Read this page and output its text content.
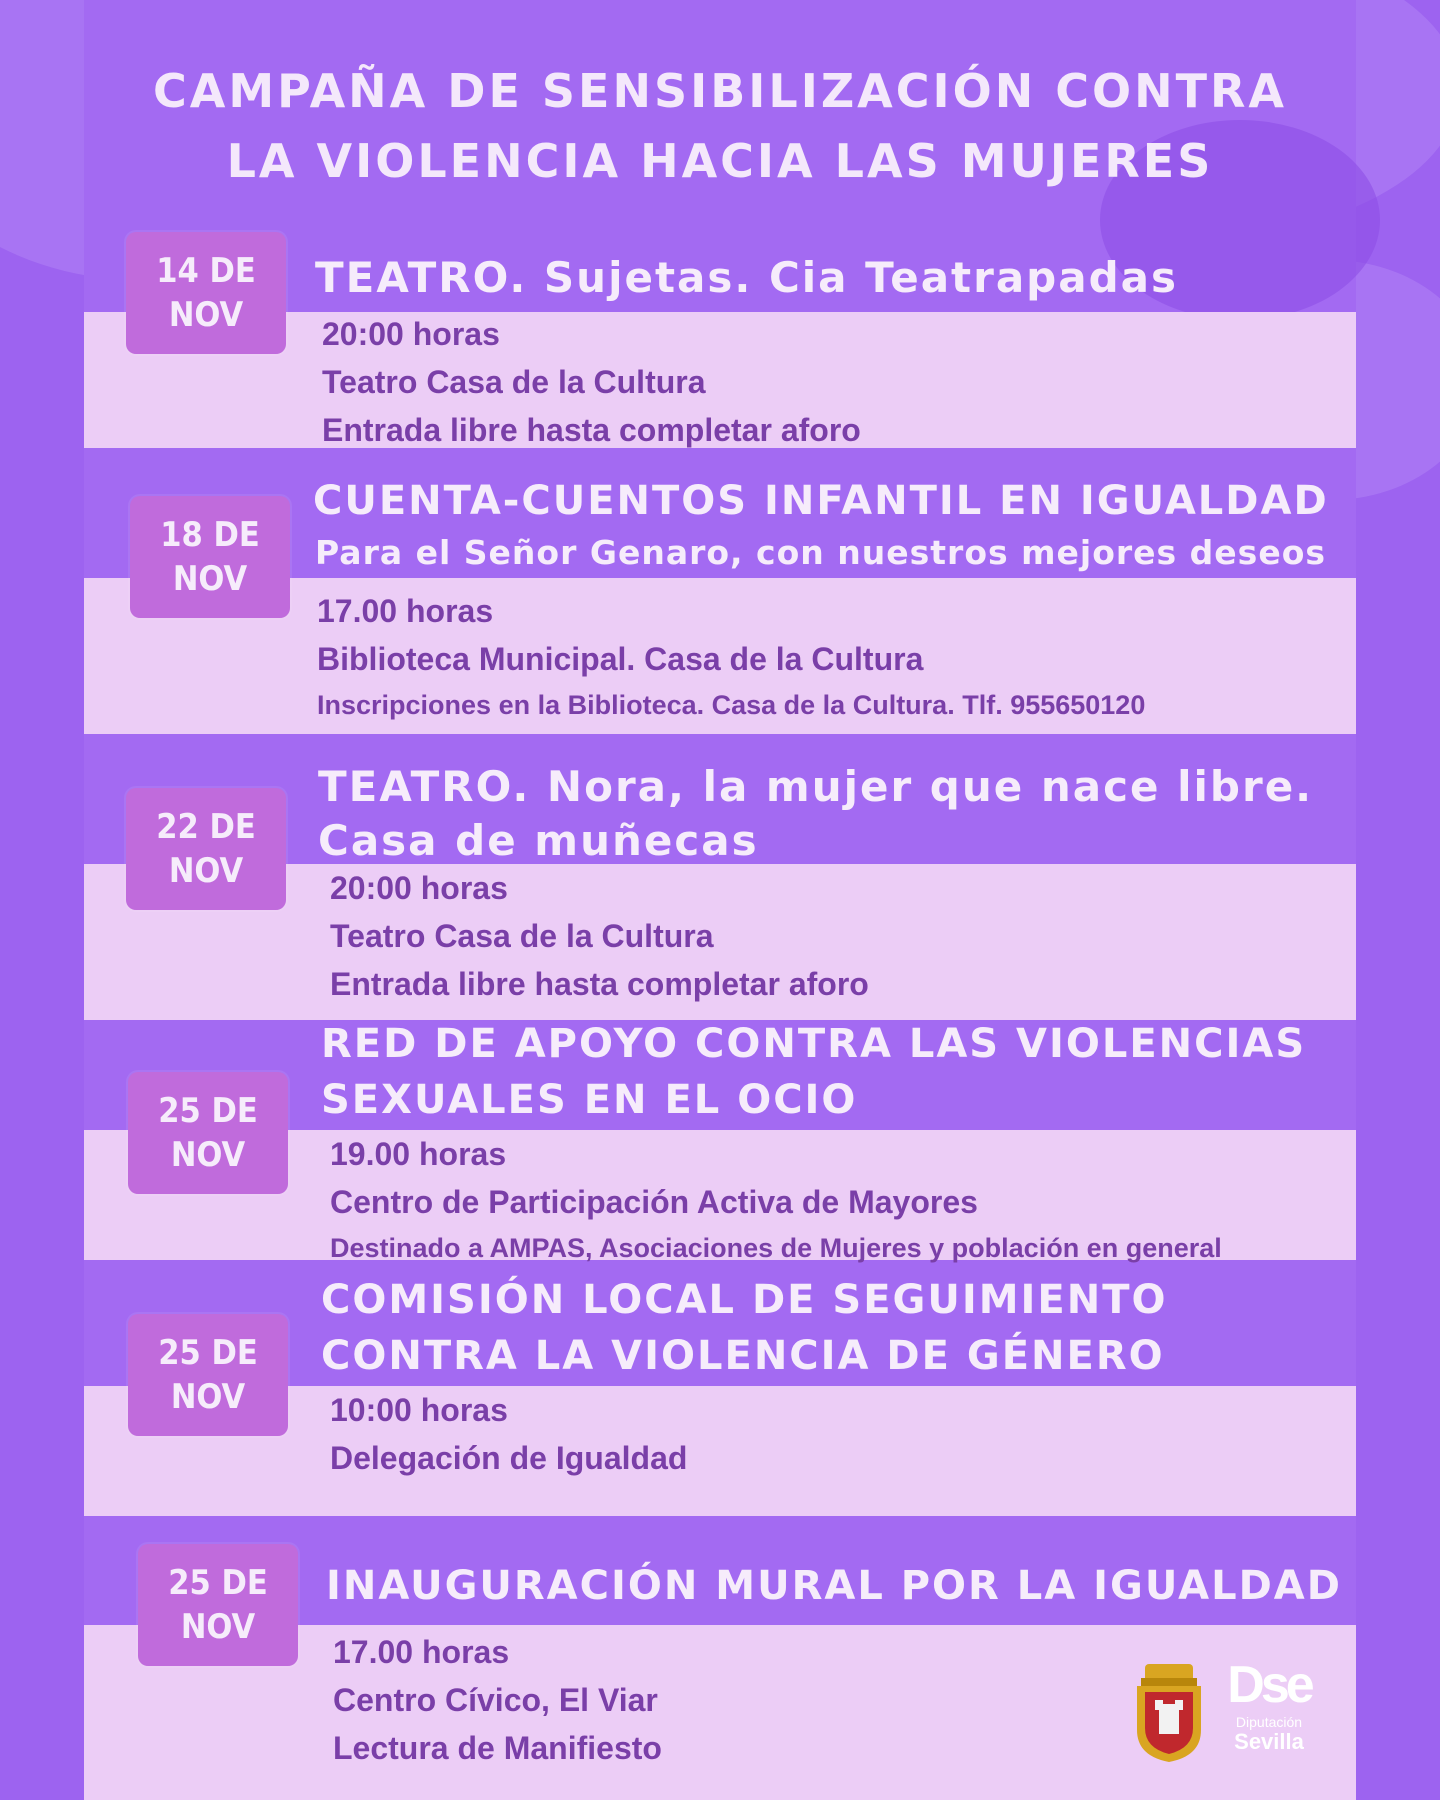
CAMPAÑA DE SENSIBILIZACIÓN CONTRA
LA VIOLENCIA HACIA LAS MUJERES
14 DE
NOV
TEATRO. Sujetas. Cia Teatrapadas
20:00 horas
Teatro Casa de la Cultura
Entrada libre hasta completar aforo
18 DE
NOV
CUENTA-CUENTOS INFANTIL EN IGUALDAD
Para el Señor Genaro, con nuestros mejores deseos
17.00 horas
Biblioteca Municipal. Casa de la Cultura
Inscripciones en la Biblioteca. Casa de la Cultura. Tlf. 955650120
22 DE
NOV
TEATRO. Nora, la mujer que nace libre.
Casa de muñecas
20:00 horas
Teatro Casa de la Cultura
Entrada libre hasta completar aforo
25 DE
NOV
RED DE APOYO CONTRA LAS VIOLENCIAS
SEXUALES EN EL OCIO
19.00 horas
Centro de Participación Activa de Mayores
Destinado a AMPAS, Asociaciones de Mujeres y población en general
25 DE
NOV
COMISIÓN LOCAL DE SEGUIMIENTO
CONTRA LA VIOLENCIA DE GÉNERO
10:00 horas
Delegación de Igualdad
25 DE
NOV
INAUGURACIÓN MURAL POR LA IGUALDAD
17.00 horas
Centro Cívico, El Viar
Lectura de Manifiesto
Dse
Diputación
Sevilla
